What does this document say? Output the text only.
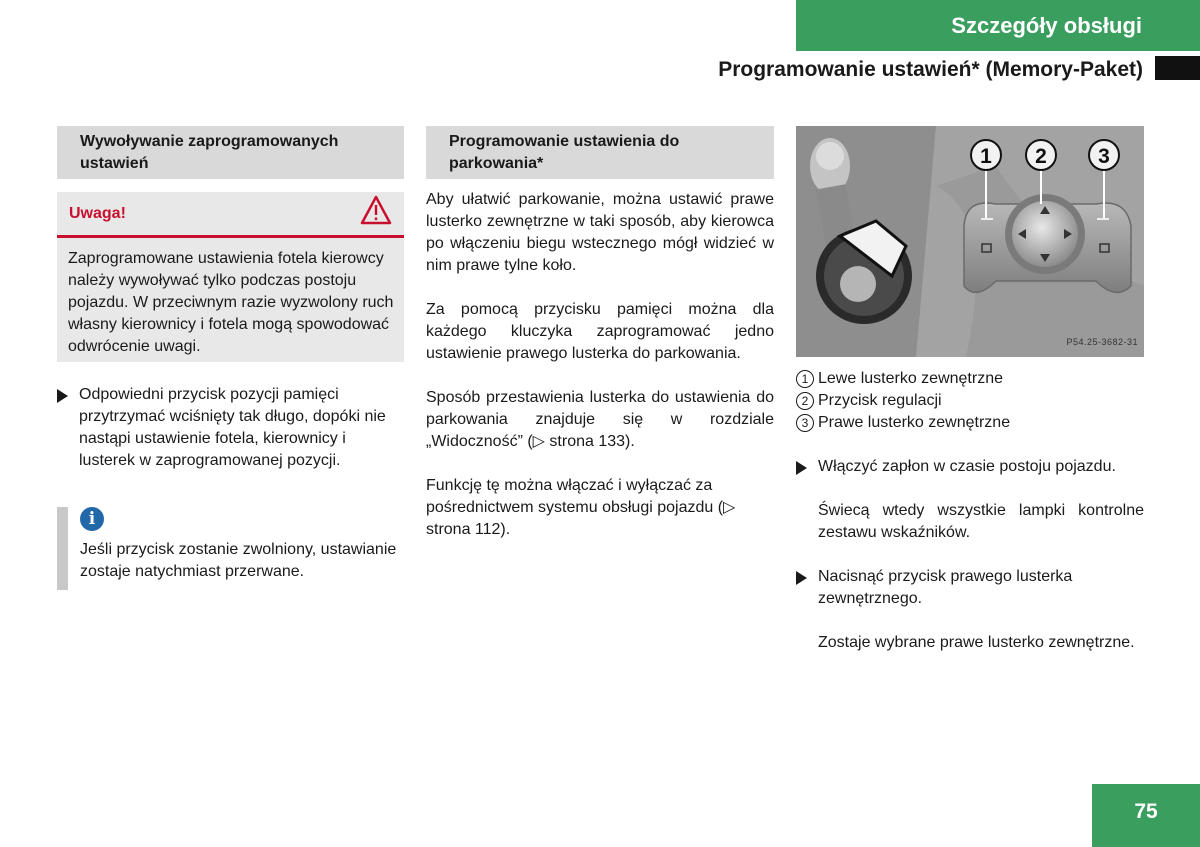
Szczegóły obsługi
Programowanie ustawień* (Memory-Paket)
Wywoływanie zaprogramowanych ustawień
Uwaga!
Zaprogramowane ustawienia fotela kierowcy należy wywoływać tylko podczas postoju pojazdu. W przeciwnym razie wyzwolony ruch własny kierownicy i fotela mogą spowodować odwrócenie uwagi.
Odpowiedni przycisk pozycji pamięci przytrzymać wciśnięty tak długo, dopóki nie nastąpi ustawienie fotela, kierownicy i lusterek w zaprogramowanej pozycji.
i
Jeśli przycisk zostanie zwolniony, ustawianie zostaje natychmiast przerwane.
Programowanie ustawienia do parkowania*

Aby ułatwić parkowanie, można ustawić prawe lusterko zewnętrzne w taki sposób, aby kierowca po włączeniu biegu wstecznego mógł widzieć w nim prawe tylne koło.

Za pomocą przycisku pamięci można dla każdego kluczyka zaprogramować jedno ustawienie prawego lusterka do parkowania.

Sposób przestawienia lusterka do ustawienia do parkowania znajduje się w rozdziale „Widoczność” (▷ strona 133).

Funkcję tę można włączać i wyłączać za pośrednictwem systemu obsługi pojazdu (▷ strona 112).

1 2 3
P54.25-3682-31
1 Lewe lusterko zewnętrzne
2 Przycisk regulacji
3 Prawe lusterko zewnętrzne
Włączyć zapłon w czasie postoju pojazdu.
Świecą wtedy wszystkie lampki kontrolne zestawu wskaźników.
Nacisnąć przycisk prawego lusterka zewnętrznego.
Zostaje wybrane prawe lusterko zewnętrzne.
75
